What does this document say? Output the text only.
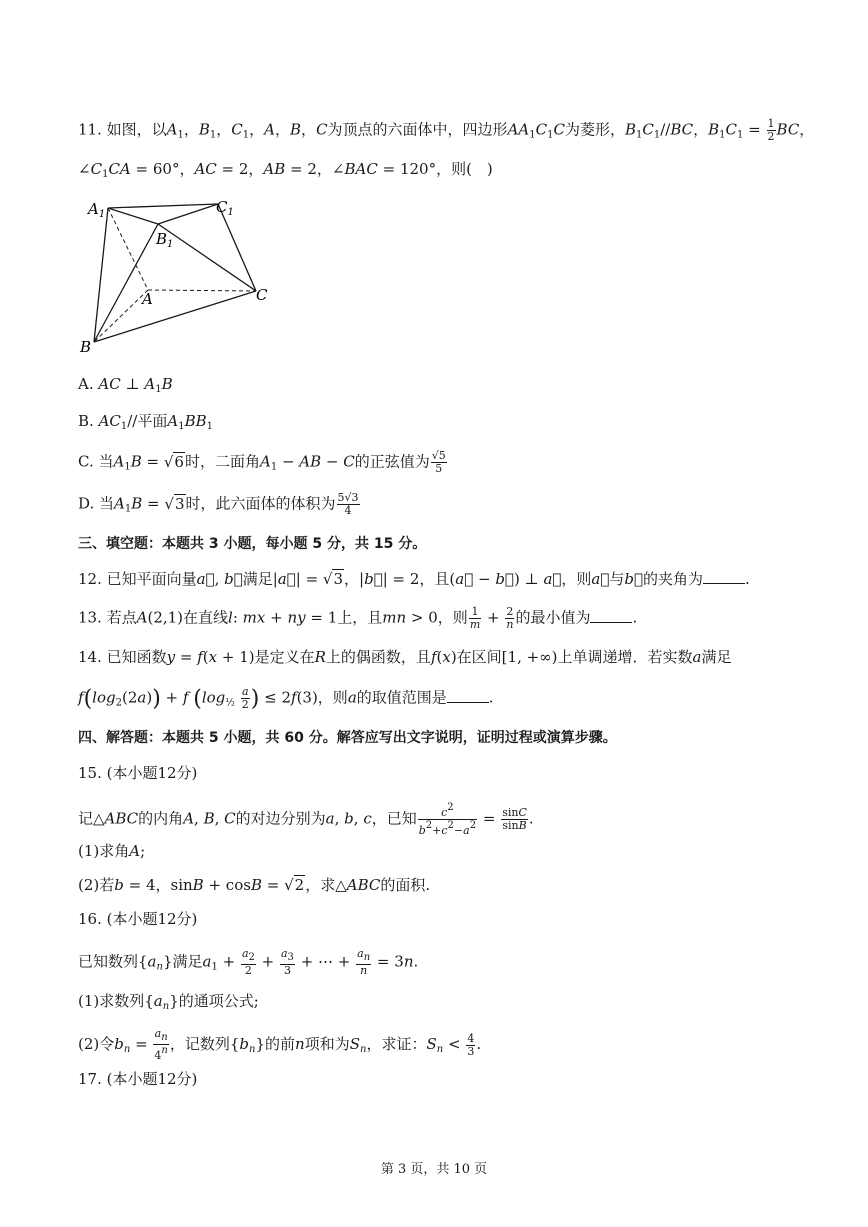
11. 如图，以$A_1$，$B_1$，$C_1$，A，B，C为顶点的六面体中，四边形$AA_1C_1C$为菱形，$B_1C_1//BC$，$B_1C_1 = \frac{1}{2}$ BC，
$\angle C_1CA = 60^\circ$，AC = 2，AB = 2，∠BAC = 120°，则(　)
$A_1$	$C_1$
$B_1$
A	C
B
A. AC ⊥ $A_1B$
B. $AC_1//$平面$A_1BB_1$
C. 当$A_1B = √6$时，二面角$A_1$ − AB − C的正弦值为 $\frac{√5}{5}$
D. 当$A_1B = √3$时，此六面体的体积为 $\frac{5√3}{4}$
三、填空题：本题共 3 小题，每小题 5 分，共 15 分。
12. 已知平面向量a⃗, b⃗满足|a⃗| = √3，|b⃗| = 2，且(a⃗ − b⃗) ⊥ a⃗，则a⃗与b⃗的夹角为	.
13. 若点A(2,1)在直线l: mx + ny = 1上，且mn > 0，则 $\frac{1}{m} + \frac{2}{n}$ 的最小值为	.
14. 已知函数y = f(x + 1)是定义在R上的偶函数，且f(x)在区间[1, +∞)上单调递增．若实数a满足
$f(\log_2(2a)) + f$ ($\log_{\frac{1}{2}} \frac{a}{2}$ ) ≤ 2f(3)，则a的取值范围是	.
四、解答题：本题共 5 小题，共 60 分。解答应写出文字说明，证明过程或演算步骤。
15. (本小题12分)
记△ABC的内角A, B, C的对边分别为a, b, c，已知 $\frac{c^2}{b^2+c^2-a^2} = \frac{\sin C}{\sin B}$ .
(1)求角A;
(2)若b = 4，sinB + cosB = √2，求△ABC的面积.
16. (本小题12分)
已知数列$\{a_n\}$满足$a_1 + \frac{a_2}{2} + \frac{a_3}{3}$ + ⋯ + $\frac{a_n}{n} = 3n$.
(1)求数列$\{a_n\}$的通项公式;
(2)令$b_n = \frac{a_n}{4^n}$ ，记数列$\{b_n\}$的前n项和为$S_n$，求证：$S_n < \frac{4}{3}$ .
17. (本小题12分)
第 3 页，共 10 页
